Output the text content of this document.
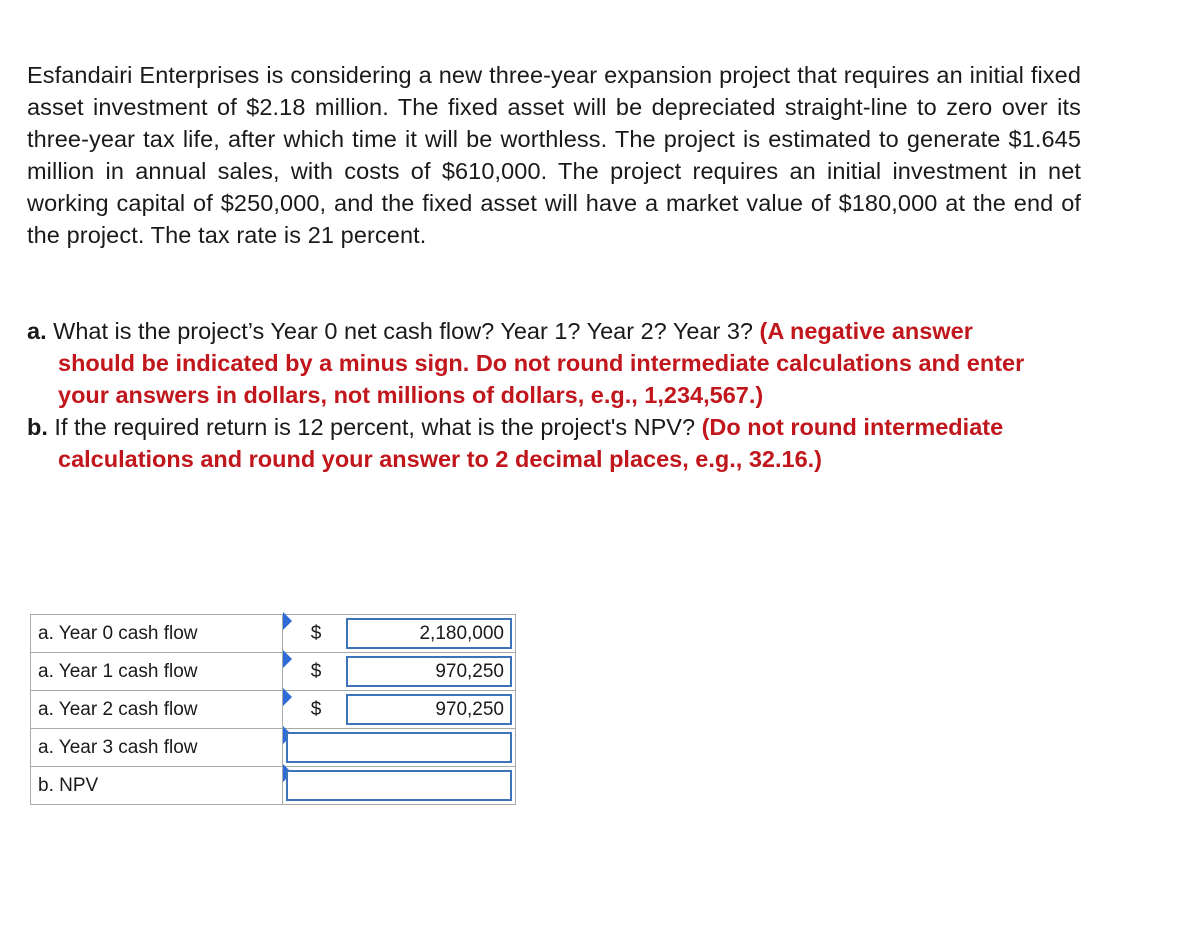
Esfandairi Enterprises is considering a new three-year expansion project that requires an initial fixed asset investment of $2.18 million. The fixed asset will be depreciated straight-line to zero over its three-year tax life, after which time it will be worthless. The project is estimated to generate $1.645 million in annual sales, with costs of $610,000. The project requires an initial investment in net working capital of $250,000, and the fixed asset will have a market value of $180,000 at the end of the project. The tax rate is 21 percent.

a. What is the project’s Year 0 net cash flow? Year 1? Year 2? Year 3? (A negative answer should be indicated by a minus sign. Do not round intermediate calculations and enter your answers in dollars, not millions of dollars, e.g., 1,234,567.)

b. If the required return is 12 percent, what is the project's NPV? (Do not round intermediate calculations and round your answer to 2 decimal places, e.g., 32.16.)

a. Year 0 cash flow	$ 2,180,000

a. Year 1 cash flow	$ 970,250

a. Year 2 cash flow	$ 970,250

a. Year 3 cash flow	

b. NPV	
